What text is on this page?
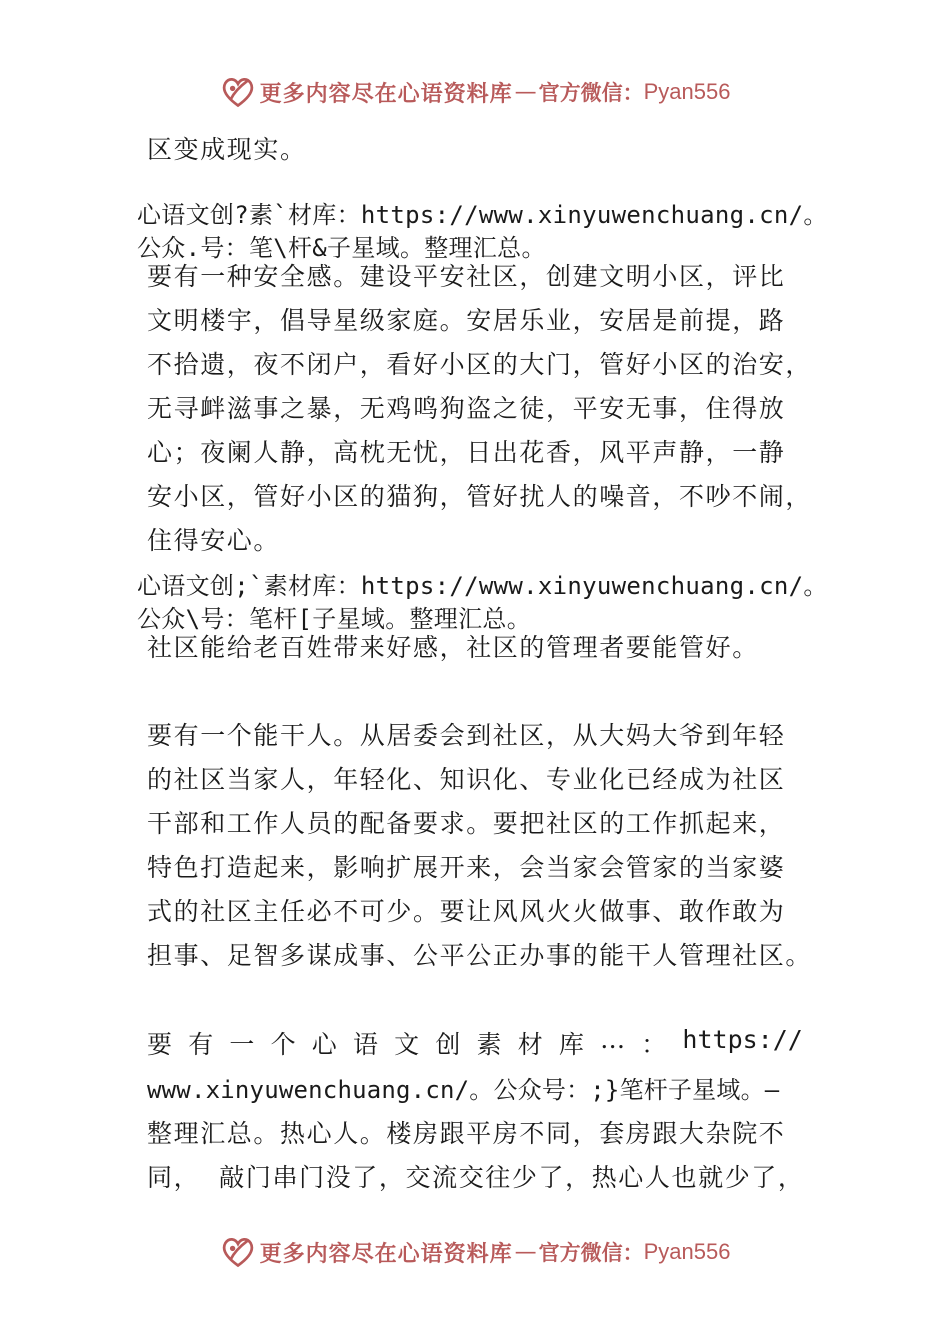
更多内容尽在心语资料库 — 官方微信： Pyan556
区变成现实。
心语文创?素`材库：https://www.xinyuwenchuang.cn/。
公众.号：笔\杆&子星域。整理汇总。
要有一种安全感。建设平安社区，创建文明小区，评比
文明楼宇，倡导星级家庭。安居乐业，安居是前提，路
不拾遗，夜不闭户，看好小区的大门，管好小区的治安，
无寻衅滋事之暴，无鸡鸣狗盗之徒，平安无事，住得放
心；夜阑人静，高枕无忧，日出花香，风平声静，一静
安小区，管好小区的猫狗，管好扰人的噪音，不吵不闹，
住得安心。
心语文创;`素材库：https://www.xinyuwenchuang.cn/。
公众\号：笔杆[子星域。整理汇总。
社区能给老百姓带来好感，社区的管理者要能管好。
要有一个能干人。从居委会到社区，从大妈大爷到年轻
的社区当家人，年轻化、知识化、专业化已经成为社区
干部和工作人员的配备要求。要把社区的工作抓起来，
特色打造起来，影响扩展开来，会当家会管家的当家婆
式的社区主任必不可少。要让风风火火做事、敢作敢为
担事、足智多谋成事、公平公正办事的能干人管理社区。
要 有 一 个 心 语 文 创 素 材 库 … ： https://
www.xinyuwenchuang.cn/。公众号：;}笔杆子星域。—
整理汇总。热心人。楼房跟平房不同，套房跟大杂院不
同，  敲门串门没了，交流交往少了，热心人也就少了，
更多内容尽在心语资料库 — 官方微信： Pyan556
